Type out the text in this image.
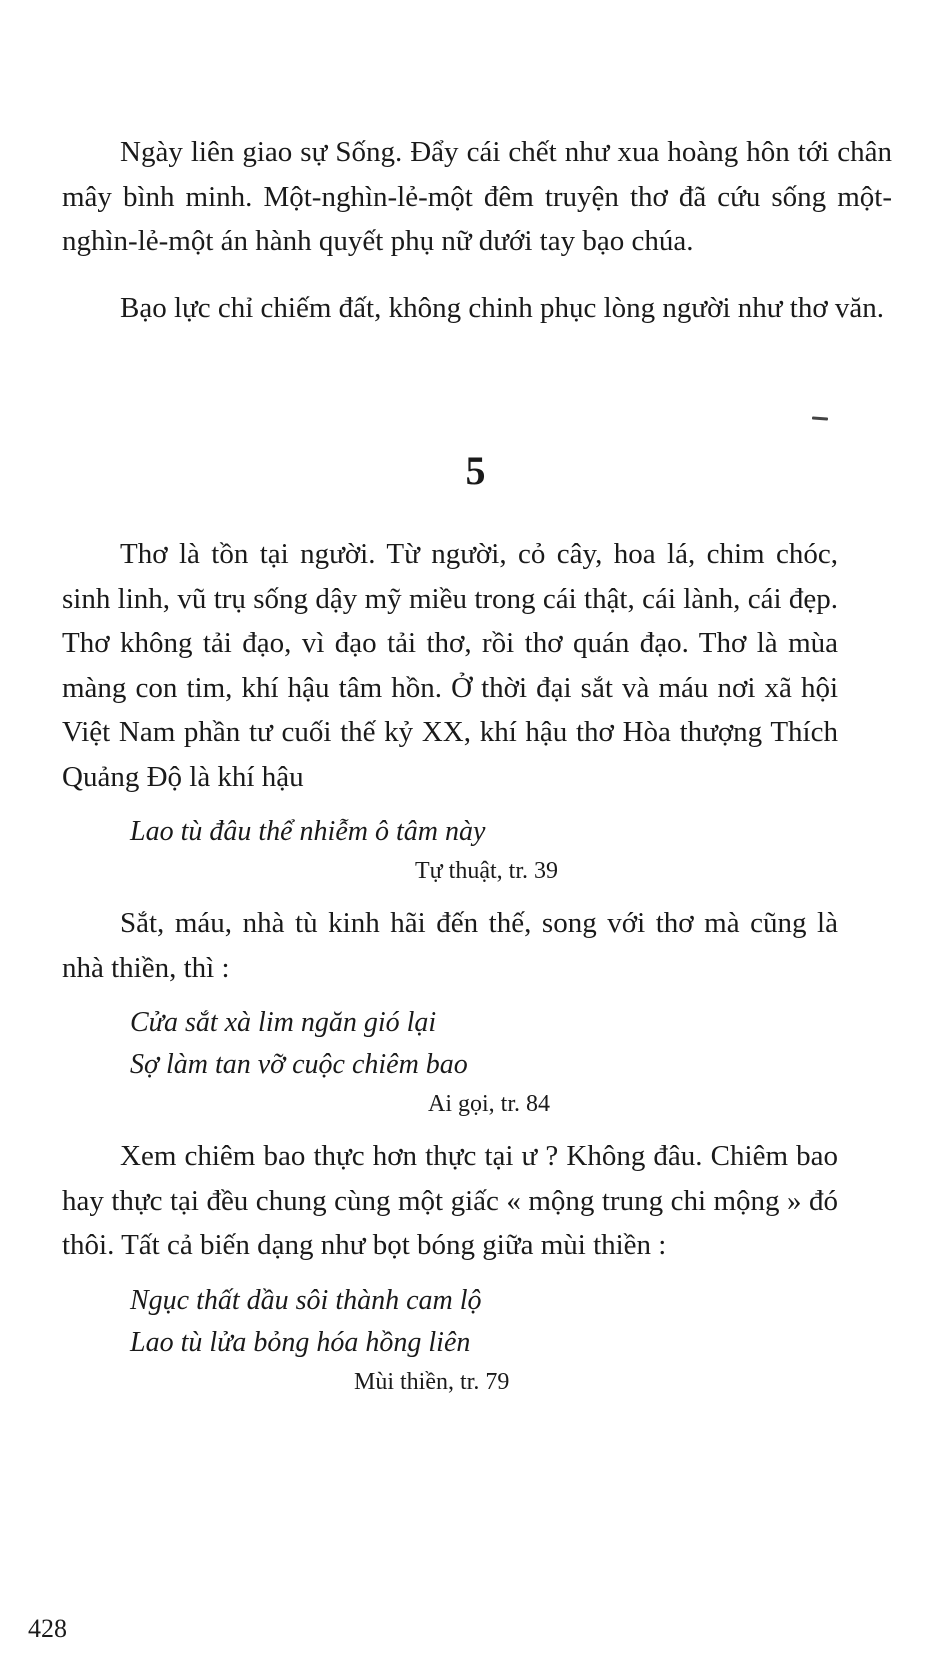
Ngày liên giao sự Sống. Đẩy cái chết như xua hoàng hôn tới chân mây bình minh. Một-nghìn-lẻ-một đêm truyện thơ đã cứu sống một-nghìn-lẻ-một án hành quyết phụ nữ dưới tay bạo chúa.

Bạo lực chỉ chiếm đất, không chinh phục lòng người như thơ văn.

5

Thơ là tồn tại người. Từ người, cỏ cây, hoa lá, chim chóc, sinh linh, vũ trụ sống dậy mỹ miều trong cái thật, cái lành, cái đẹp. Thơ không tải đạo, vì đạo tải thơ, rồi thơ quán đạo. Thơ là mùa màng con tim, khí hậu tâm hồn. Ở thời đại sắt và máu nơi xã hội Việt Nam phần tư cuối thế kỷ XX, khí hậu thơ Hòa thượng Thích Quảng Độ là khí hậu

Lao tù đâu thể nhiễm ô tâm này

Tự thuật, tr. 39

Sắt, máu, nhà tù kinh hãi đến thế, song với thơ mà cũng là nhà thiền, thì :

Cửa sắt xà lim ngăn gió lại
Sợ làm tan vỡ cuộc chiêm bao

Ai gọi, tr. 84

Xem chiêm bao thực hơn thực tại ư ? Không đâu. Chiêm bao hay thực tại đều chung cùng một giấc « mộng trung chi mộng » đó thôi. Tất cả biến dạng như bọt bóng giữa mùi thiền :

Ngục thất dầu sôi thành cam lộ
Lao tù lửa bỏng hóa hồng liên

Mùi thiền, tr. 79

428
